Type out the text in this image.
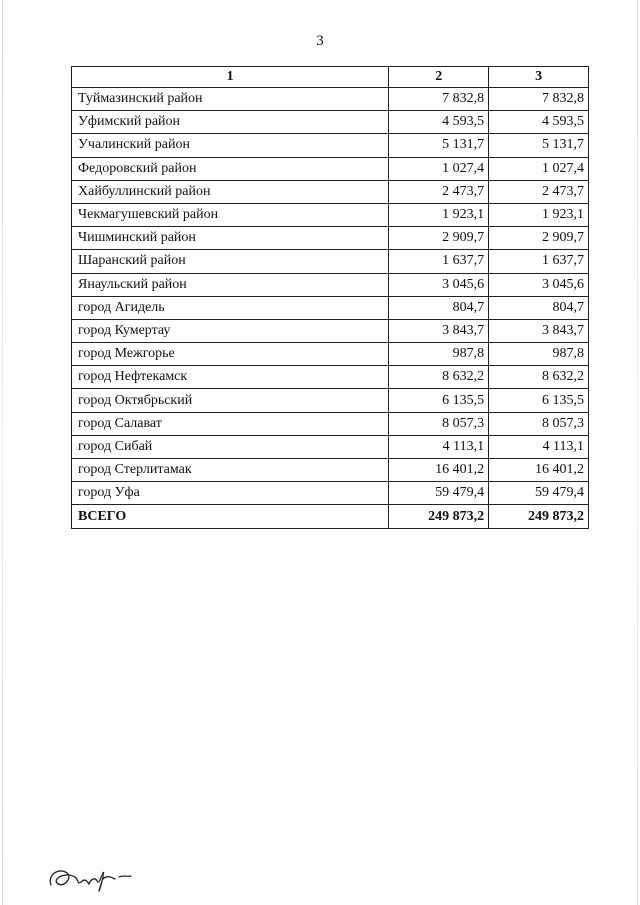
3
1	2	3
Туймазинский район	7 832,8	7 832,8
Уфимский район	4 593,5	4 593,5
Учалинский район	5 131,7	5 131,7
Федоровский район	1 027,4	1 027,4
Хайбуллинский район	2 473,7	2 473,7
Чекмагушевский район	1 923,1	1 923,1
Чишминский район	2 909,7	2 909,7
Шаранский район	1 637,7	1 637,7
Янаульский район	3 045,6	3 045,6
город Агидель	804,7	804,7
город Кумертау	3 843,7	3 843,7
город Межгорье	987,8	987,8
город Нефтекамск	8 632,2	8 632,2
город Октябрьский	6 135,5	6 135,5
город Салават	8 057,3	8 057,3
город Сибай	4 113,1	4 113,1
город Стерлитамак	16 401,2	16 401,2
город Уфа	59 479,4	59 479,4
ВСЕГО	249 873,2	249 873,2
